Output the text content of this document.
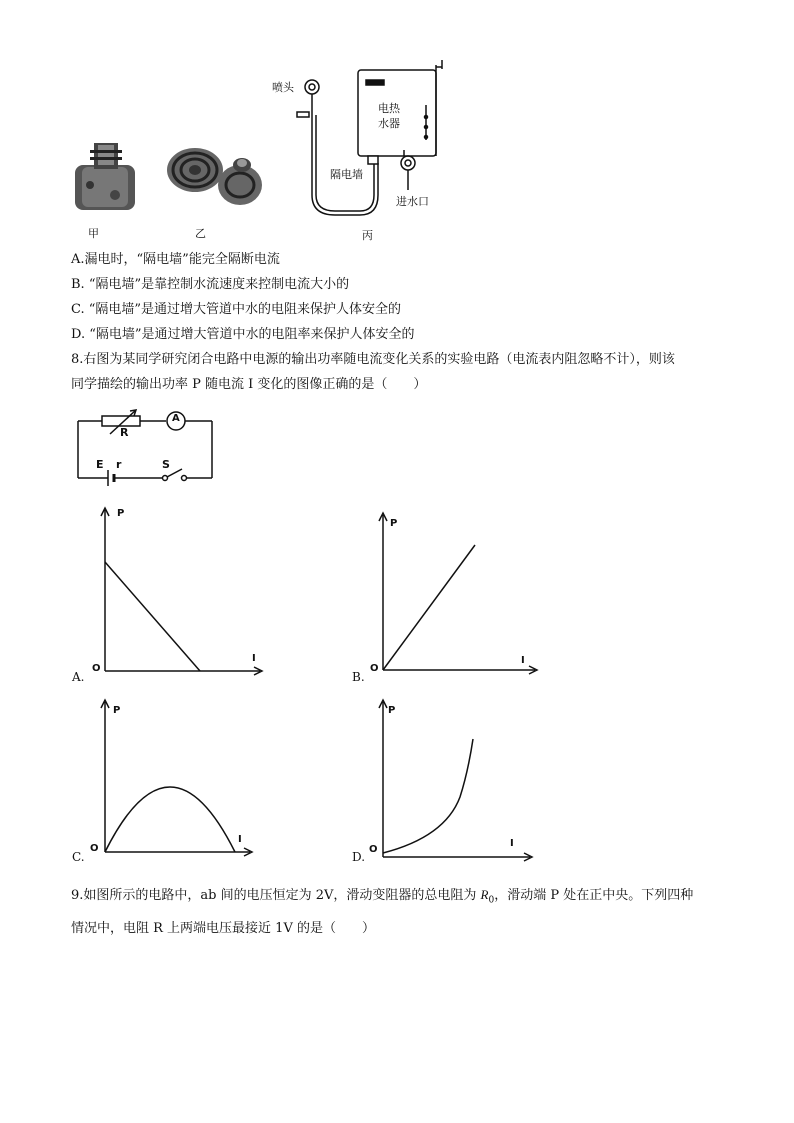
甲	乙	丙
喷头
电热
水器
隔电墙
进水口
A.漏电时，“隔电墙”能完全隔断电流
B. “隔电墙”是靠控制水流速度来控制电流大小的
C. “隔电墙”是通过增大管道中水的电阻来保护人体安全的
D. “隔电墙”是通过增大管道中水的电阻率来保护人体安全的
8.右图为某同学研究闭合电路中电源的输出功率随电流变化关系的实验电路（电流表内阻忽略不计），则该
同学描绘的输出功率 P 随电流 I 变化的图像正确的是（　　）
R
A
E r	S
P
I
O
A.
P
I
O
B.
P
I
O
C.
P
I
O
D.
9.如图所示的电路中，ab 间的电压恒定为 2V，滑动变阻器的总电阻为 $R_0$，滑动端 P 处在正中央。下列四种
情况中，电阻 R 上两端电压最接近 1V 的是（　　）
